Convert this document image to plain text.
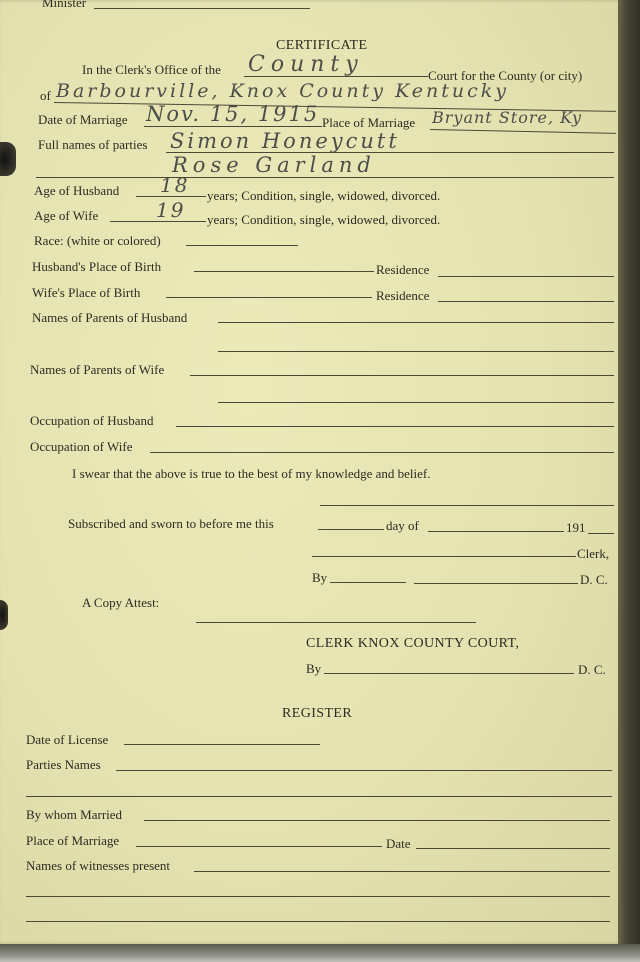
Minister
CERTIFICATE
In the Clerk's Office of the County	Court for the County (or city)
of Barbourville, Knox County Kentucky
Date of Marriage Nov. 15, 1915 Place of Marriage Bryant Store, Ky
Full names of parties Simon Honeycutt
Rose Garland
Age of Husband 18 years; Condition, single, widowed, divorced.
Age of Wife	19 years; Condition, single, widowed, divorced.
Race: (white or colored)
Husband's Place of Birth	Residence
Wife's Place of Birth	Residence
Names of Parents of Husband
Names of Parents of Wife
Occupation of Husband
Occupation of Wife
I swear that the above is true to the best of my knowledge and belief.
Subscribed and sworn to before me this	day of	191
Clerk,
By	D. C.
A Copy Attest:
CLERK KNOX COUNTY COURT,
By	D. C.
REGISTER
Date of License
Parties Names
By whom Married
Place of Marriage	Date
Names of witnesses present
